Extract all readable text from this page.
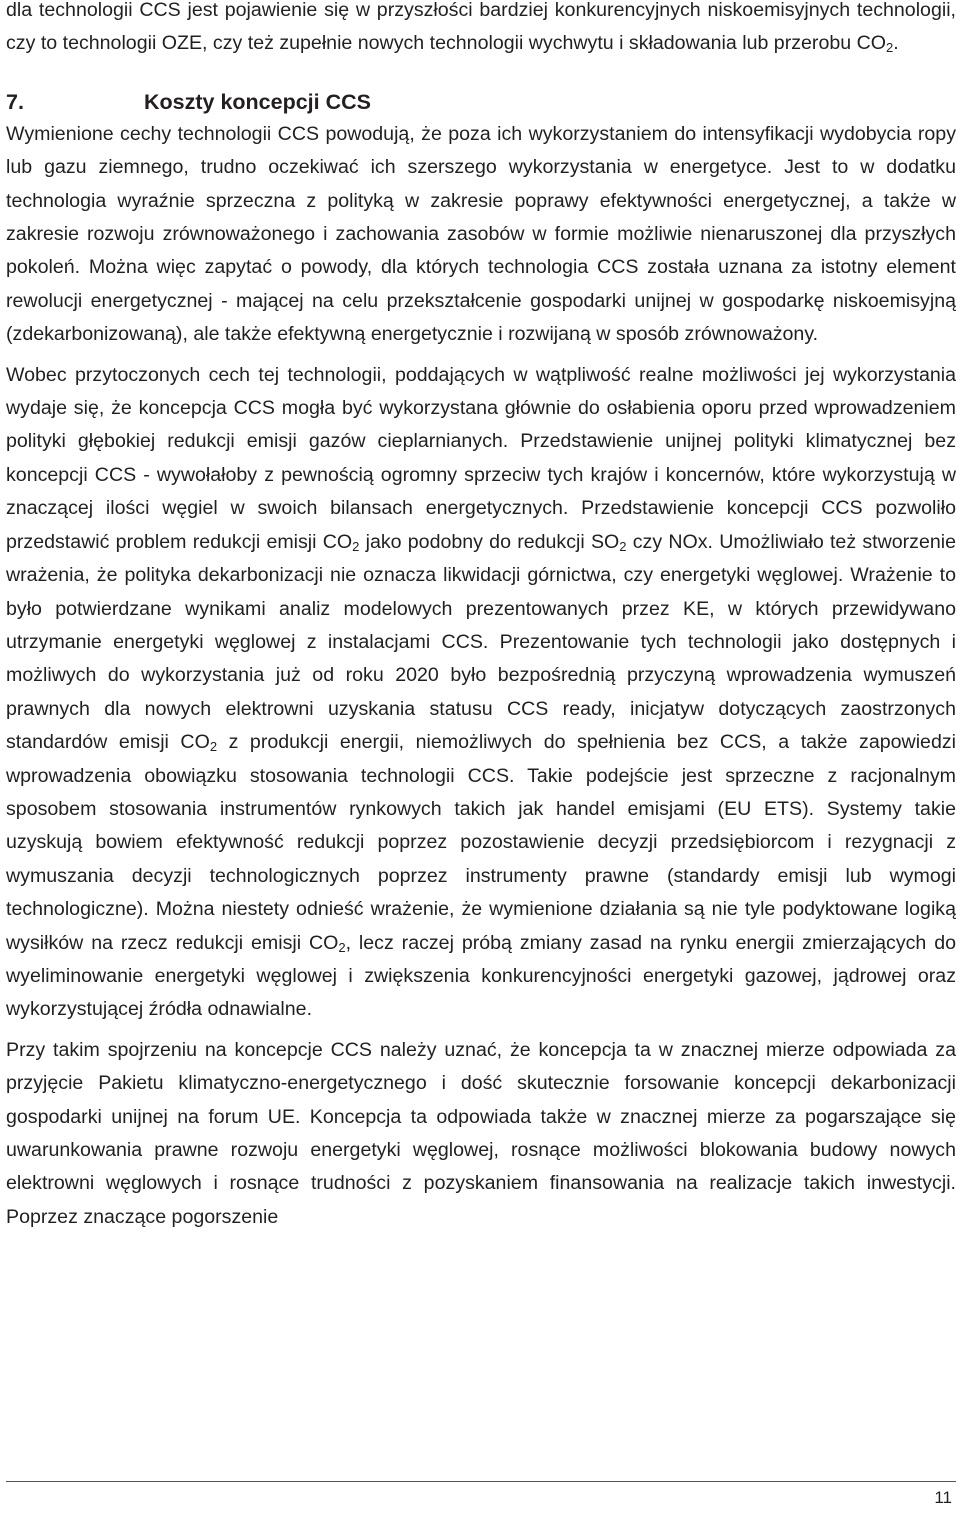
dla technologii CCS jest pojawienie się w przyszłości bardziej konkurencyjnych niskoemisyjnych technologii, czy to technologii OZE, czy też zupełnie nowych technologii wychwytu i składowania lub przerobu $CO_2$.

7.	Koszty koncepcji CCS

Wymienione cechy technologii CCS powodują, że poza ich wykorzystaniem do intensyfikacji wydobycia ropy lub gazu ziemnego, trudno oczekiwać ich szerszego wykorzystania w energetyce. Jest to w dodatku technologia wyraźnie sprzeczna z polityką w zakresie poprawy efektywności energetycznej, a także w zakresie rozwoju zrównoważonego i zachowania zasobów w formie możliwie nienaruszonej dla przyszłych pokoleń. Można więc zapytać o powody, dla których technologia CCS została uznana za istotny element rewolucji energetycznej - mającej na celu przekształcenie gospodarki unijnej w gospodarkę niskoemisyjną (zdekarbonizowaną), ale także efektywną energetycznie i rozwijaną w sposób zrównoważony.

Wobec przytoczonych cech tej technologii, poddających w wątpliwość realne możliwości jej wykorzystania wydaje się, że koncepcja CCS mogła być wykorzystana głównie do osłabienia oporu przed wprowadzeniem polityki głębokiej redukcji emisji gazów cieplarnianych. Przedstawienie unijnej polityki klimatycznej bez koncepcji CCS - wywołałoby z pewnością ogromny sprzeciw tych krajów i koncernów, które wykorzystują w znaczącej ilości węgiel w swoich bilansach energetycznych. Przedstawienie koncepcji CCS pozwoliło przedstawić problem redukcji emisji $CO_2$ jako podobny do redukcji $SO_2$ czy NOx. Umożliwiało też stworzenie wrażenia, że polityka dekarbonizacji nie oznacza likwidacji górnictwa, czy energetyki węglowej. Wrażenie to było potwierdzane wynikami analiz modelowych prezentowanych przez KE, w których przewidywano utrzymanie energetyki węglowej z instalacjami CCS. Prezentowanie tych technologii jako dostępnych i możliwych do wykorzystania już od roku 2020 było bezpośrednią przyczyną wprowadzenia wymuszeń prawnych dla nowych elektrowni uzyskania statusu CCS ready, inicjatyw dotyczących zaostrzonych standardów emisji $CO_2$ z produkcji energii, niemożliwych do spełnienia bez CCS, a także zapowiedzi wprowadzenia obowiązku stosowania technologii CCS. Takie podejście jest sprzeczne z racjonalnym sposobem stosowania instrumentów rynkowych takich jak handel emisjami (EU ETS). Systemy takie uzyskują bowiem efektywność redukcji poprzez pozostawienie decyzji przedsiębiorcom i rezygnacji z wymuszania decyzji technologicznych poprzez instrumenty prawne (standardy emisji lub wymogi technologiczne). Można niestety odnieść wrażenie, że wymienione działania są nie tyle podyktowane logiką wysiłków na rzecz redukcji emisji $CO_2$, lecz raczej próbą zmiany zasad na rynku energii zmierzających do wyeliminowanie energetyki węglowej i zwiększenia konkurencyjności energetyki gazowej, jądrowej oraz wykorzystującej źródła odnawialne.

Przy takim spojrzeniu na koncepcje CCS należy uznać, że koncepcja ta w znacznej mierze odpowiada za przyjęcie Pakietu klimatyczno-energetycznego i dość skutecznie forsowanie koncepcji dekarbonizacji gospodarki unijnej na forum UE. Koncepcja ta odpowiada także w znacznej mierze za pogarszające się uwarunkowania prawne rozwoju energetyki węglowej, rosnące możliwości blokowania budowy nowych elektrowni węglowych i rosnące trudności z pozyskaniem finansowania na realizacje takich inwestycji. Poprzez znaczące pogorszenie

11
